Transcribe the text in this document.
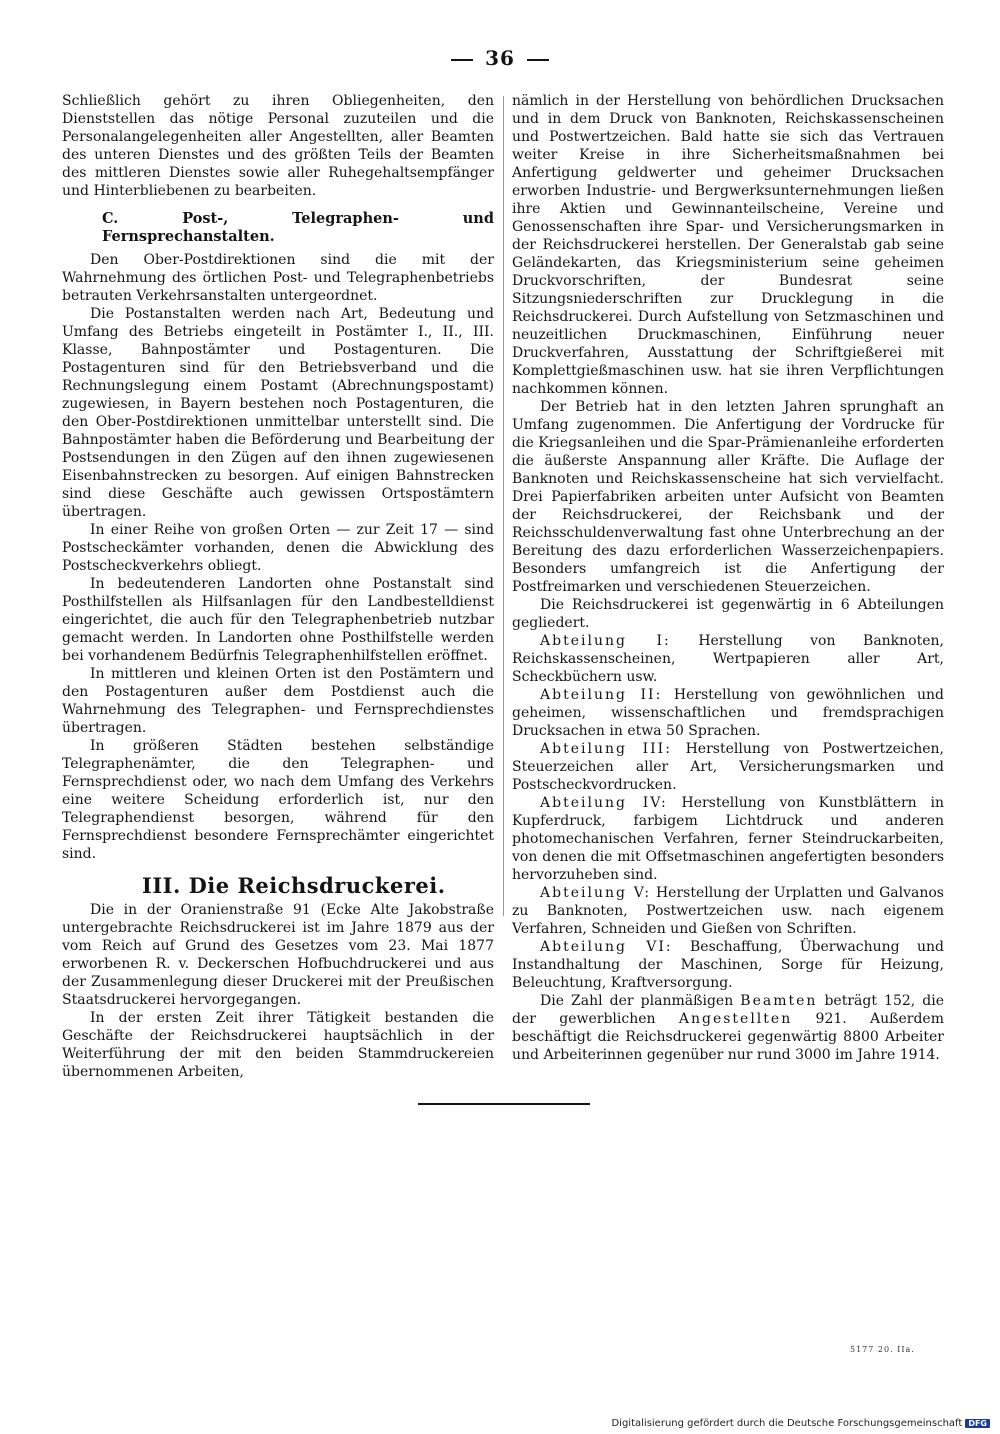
36

Schließlich gehört zu ihren Obliegenheiten, den Dienststellen das nötige Personal zuzuteilen und die Personalangelegenheiten aller Angestellten, aller Beamten des unteren Dienstes und des größten Teils der Beamten des mittleren Dienstes sowie aller Ruhegehaltsempfänger und Hinterbliebenen zu bearbeiten.

C. Post-, Telegraphen- und Fernsprechanstalten.

Den Ober-Postdirektionen sind die mit der Wahrnehmung des örtlichen Post- und Telegraphenbetriebs betrauten Verkehrsanstalten untergeordnet.

Die Postanstalten werden nach Art, Bedeutung und Umfang des Betriebs eingeteilt in Postämter I., II., III. Klasse, Bahnpostämter und Postagenturen. Die Postagenturen sind für den Betriebsverband und die Rechnungslegung einem Postamt (Abrechnungspostamt) zugewiesen, in Bayern bestehen noch Postagenturen, die den Ober-Postdirektionen unmittelbar unterstellt sind. Die Bahnpostämter haben die Beförderung und Bearbeitung der Postsendungen in den Zügen auf den ihnen zugewiesenen Eisenbahnstrecken zu besorgen. Auf einigen Bahnstrecken sind diese Geschäfte auch gewissen Ortspostämtern übertragen.

In einer Reihe von großen Orten — zur Zeit 17 — sind Postscheckämter vorhanden, denen die Abwicklung des Postscheckverkehrs obliegt.

In bedeutenderen Landorten ohne Postanstalt sind Posthilfstellen als Hilfsanlagen für den Landbestelldienst eingerichtet, die auch für den Telegraphenbetrieb nutzbar gemacht werden. In Landorten ohne Posthilfstelle werden bei vorhandenem Bedürfnis Telegraphenhilfstellen eröffnet.

In mittleren und kleinen Orten ist den Postämtern und den Postagenturen außer dem Postdienst auch die Wahrnehmung des Telegraphen- und Fernsprechdienstes übertragen.

In größeren Städten bestehen selbständige Telegraphenämter, die den Telegraphen- und Fernsprechdienst oder, wo nach dem Umfang des Verkehrs eine weitere Scheidung erforderlich ist, nur den Telegraphendienst besorgen, während für den Fernsprechdienst besondere Fernsprechämter eingerichtet sind.

III. Die Reichsdruckerei.

Die in der Oranienstraße 91 (Ecke Alte Jakobstraße untergebrachte Reichsdruckerei ist im Jahre 1879 aus der vom Reich auf Grund des Gesetzes vom 23. Mai 1877 erworbenen R. v. Deckerschen Hofbuchdruckerei und aus der Zusammenlegung dieser Druckerei mit der Preußischen Staatsdruckerei hervorgegangen.

In der ersten Zeit ihrer Tätigkeit bestanden die Geschäfte der Reichsdruckerei hauptsächlich in der Weiterführung der mit den beiden Stammdruckereien übernommenen Arbeiten,

nämlich in der Herstellung von behördlichen Drucksachen und in dem Druck von Banknoten, Reichskassenscheinen und Postwertzeichen. Bald hatte sie sich das Vertrauen weiter Kreise in ihre Sicherheitsmaßnahmen bei Anfertigung geldwerter und geheimer Drucksachen erworben Industrie- und Bergwerksunternehmungen ließen ihre Aktien und Gewinnanteilscheine, Vereine und Genossenschaften ihre Spar- und Versicherungsmarken in der Reichsdruckerei herstellen. Der Generalstab gab seine Geländekarten, das Kriegsministerium seine geheimen Druckvorschriften, der Bundesrat seine Sitzungsniederschriften zur Drucklegung in die Reichsdruckerei. Durch Aufstellung von Setzmaschinen und neuzeitlichen Druckmaschinen, Einführung neuer Druckverfahren, Ausstattung der Schriftgießerei mit Komplettgießmaschinen usw. hat sie ihren Verpflichtungen nachkommen können.

Der Betrieb hat in den letzten Jahren sprunghaft an Umfang zugenommen. Die Anfertigung der Vordrucke für die Kriegsanleihen und die Spar-Prämienanleihe erforderten die äußerste Anspannung aller Kräfte. Die Auflage der Banknoten und Reichskassenscheine hat sich vervielfacht. Drei Papierfabriken arbeiten unter Aufsicht von Beamten der Reichsdruckerei, der Reichsbank und der Reichsschuldenverwaltung fast ohne Unterbrechung an der Bereitung des dazu erforderlichen Wasserzeichenpapiers. Besonders umfangreich ist die Anfertigung der Postfreimarken und verschiedenen Steuerzeichen.

Die Reichsdruckerei ist gegenwärtig in 6 Abteilungen gegliedert.

Abteilung I: Herstellung von Banknoten, Reichskassenscheinen, Wertpapieren aller Art, Scheckbüchern usw.

Abteilung II: Herstellung von gewöhnlichen und geheimen, wissenschaftlichen und fremdsprachigen Drucksachen in etwa 50 Sprachen.

Abteilung III: Herstellung von Postwertzeichen, Steuerzeichen aller Art, Versicherungsmarken und Postscheckvordrucken.

Abteilung IV: Herstellung von Kunstblättern in Kupferdruck, farbigem Lichtdruck und anderen photomechanischen Verfahren, ferner Steindruckarbeiten, von denen die mit Offsetmaschinen angefertigten besonders hervorzuheben sind.

Abteilung V: Herstellung der Urplatten und Galvanos zu Banknoten, Postwertzeichen usw. nach eigenem Verfahren, Schneiden und Gießen von Schriften.

Abteilung VI: Beschaffung, Überwachung und Instandhaltung der Maschinen, Sorge für Heizung, Beleuchtung, Kraftversorgung.

Die Zahl der planmäßigen Beamten beträgt 152, die der gewerblichen Angestellten 921. Außerdem beschäftigt die Reichsdruckerei gegenwärtig 8800 Arbeiter und Arbeiterinnen gegenüber nur rund 3000 im Jahre 1914.

5177 20. IIa.
Digitalisierung gefördert durch die Deutsche Forschungsgemeinschaft DFG
